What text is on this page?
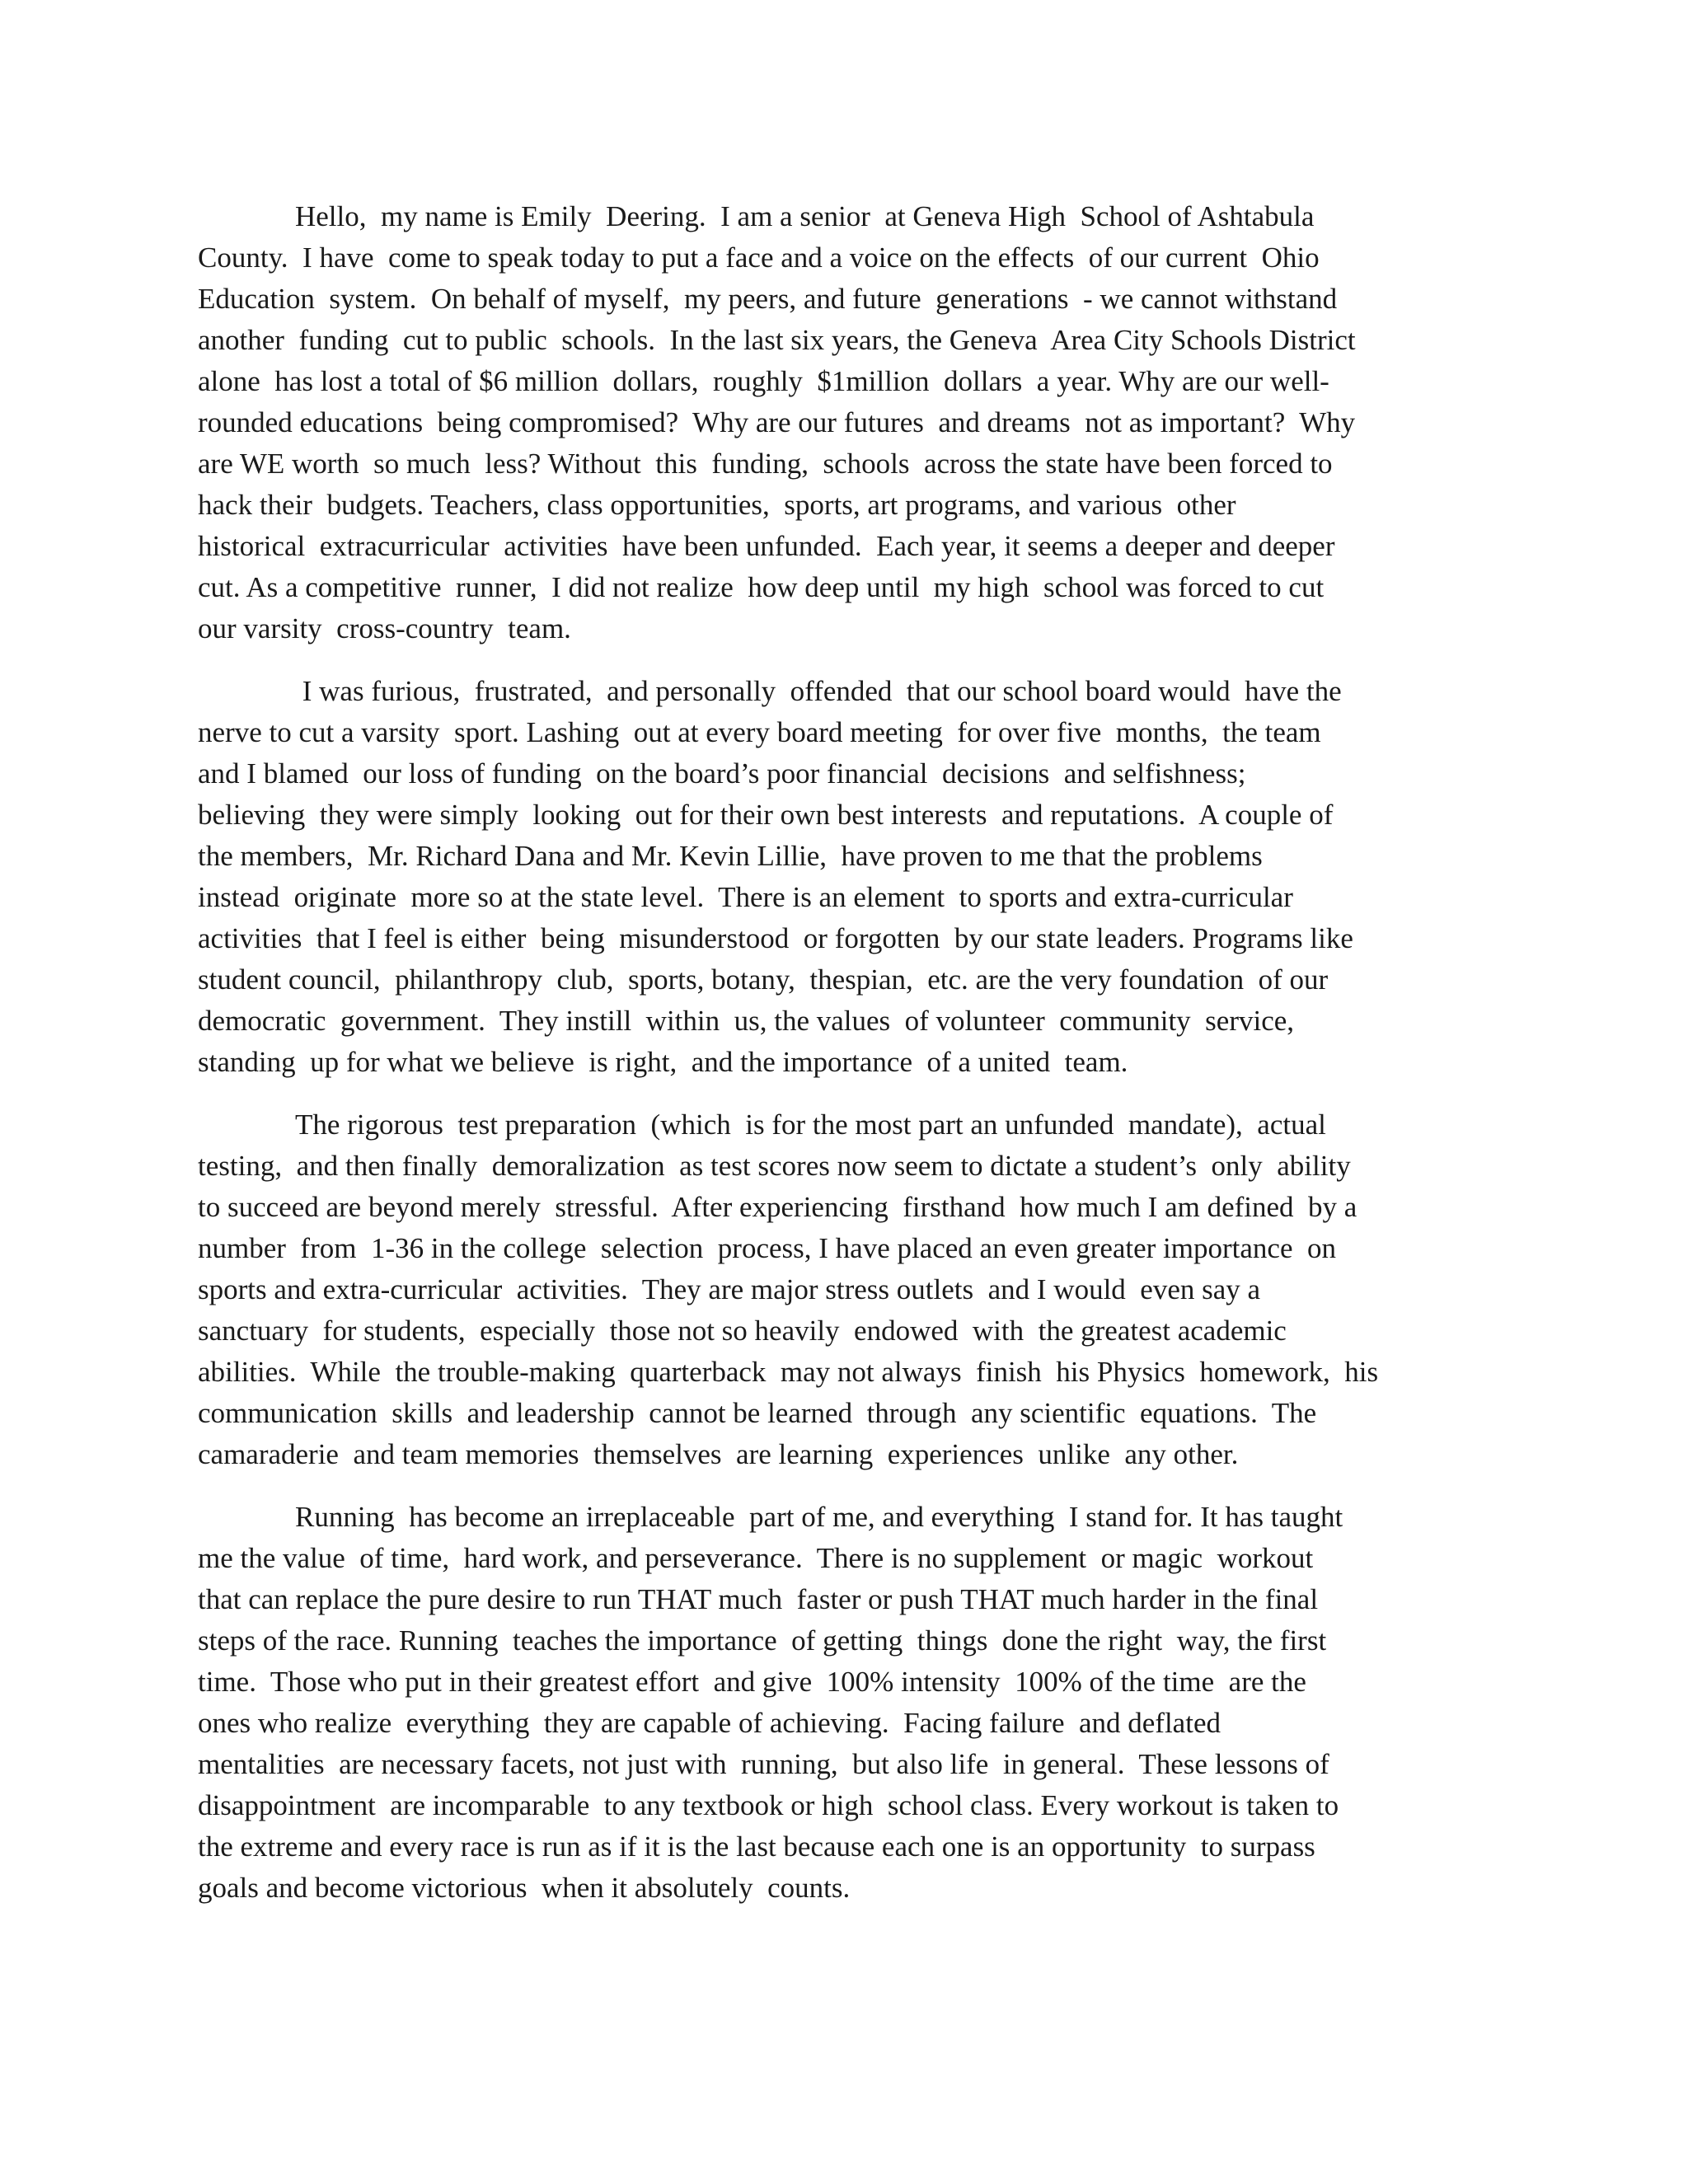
Hello,  my name is Emily  Deering.  I am a senior  at Geneva High  School of Ashtabula
County.  I have  come to speak today to put a face and a voice on the effects  of our current  Ohio
Education  system.  On behalf of myself,  my peers, and future  generations  - we cannot withstand
another  funding  cut to public  schools.  In the last six years, the Geneva  Area City Schools District
alone  has lost a total of $6 million  dollars,  roughly  $1million  dollars  a year. Why are our well-
rounded educations  being compromised?  Why are our futures  and dreams  not as important?  Why
are WE worth  so much  less? Without  this  funding,  schools  across the state have been forced to
hack their  budgets. Teachers, class opportunities,  sports, art programs, and various  other
historical  extracurricular  activities  have been unfunded.  Each year, it seems a deeper and deeper
cut. As a competitive  runner,  I did not realize  how deep until  my high  school was forced to cut
our varsity  cross-country  team.

I was furious,  frustrated,  and personally  offended  that our school board would  have the
nerve to cut a varsity  sport. Lashing  out at every board meeting  for over five  months,  the team
and I blamed  our loss of funding  on the board’s poor financial  decisions  and selfishness;
believing  they were simply  looking  out for their own best interests  and reputations.  A couple of
the members,  Mr. Richard Dana and Mr. Kevin Lillie,  have proven to me that the problems
instead  originate  more so at the state level.  There is an element  to sports and extra-curricular
activities  that I feel is either  being  misunderstood  or forgotten  by our state leaders. Programs like
student council,  philanthropy  club,  sports, botany,  thespian,  etc. are the very foundation  of our
democratic  government.  They instill  within  us, the values  of volunteer  community  service,
standing  up for what we believe  is right,  and the importance  of a united  team.

The rigorous  test preparation  (which  is for the most part an unfunded  mandate),  actual
testing,  and then finally  demoralization  as test scores now seem to dictate a student’s  only  ability
to succeed are beyond merely  stressful.  After experiencing  firsthand  how much I am defined  by a
number  from  1-36 in the college  selection  process, I have placed an even greater importance  on
sports and extra-curricular  activities.  They are major stress outlets  and I would  even say a
sanctuary  for students,  especially  those not so heavily  endowed  with  the greatest academic
abilities.  While  the trouble-making  quarterback  may not always  finish  his Physics  homework,  his
communication  skills  and leadership  cannot be learned  through  any scientific  equations.  The
camaraderie  and team memories  themselves  are learning  experiences  unlike  any other.

Running  has become an irreplaceable  part of me, and everything  I stand for. It has taught
me the value  of time,  hard work, and perseverance.  There is no supplement  or magic  workout
that can replace the pure desire to run THAT much  faster or push THAT much harder in the final
steps of the race. Running  teaches the importance  of getting  things  done the right  way, the first
time.  Those who put in their greatest effort  and give  100% intensity  100% of the time  are the
ones who realize  everything  they are capable of achieving.  Facing failure  and deflated
mentalities  are necessary facets, not just with  running,  but also life  in general.  These lessons of
disappointment  are incomparable  to any textbook or high  school class. Every workout is taken to
the extreme and every race is run as if it is the last because each one is an opportunity  to surpass
goals and become victorious  when it absolutely  counts.
